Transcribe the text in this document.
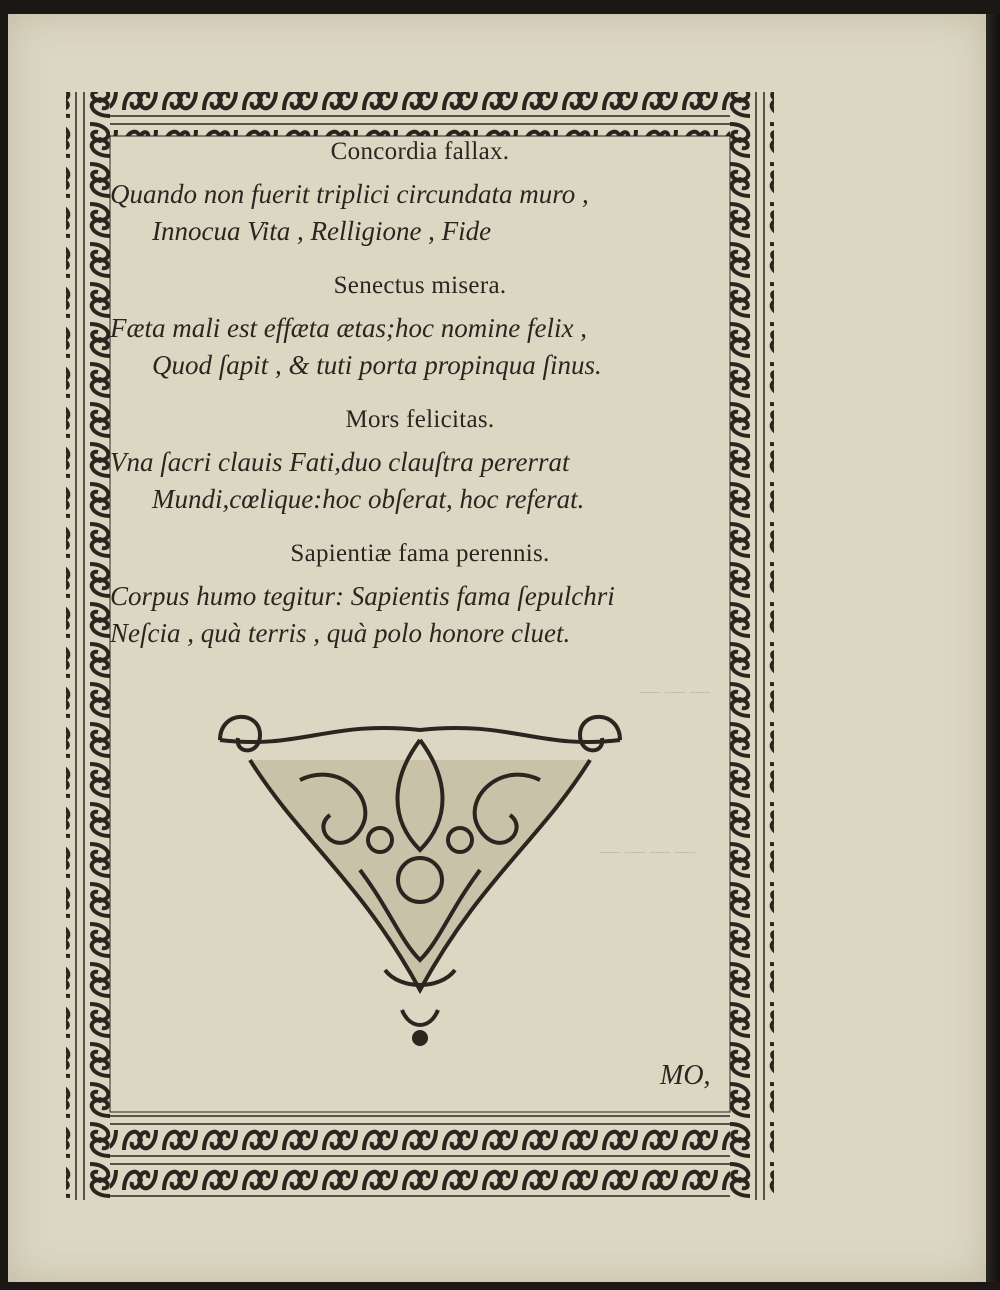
— — —
— — — —

Concordia fallax.

Quando non fuerit triplici circundata muro ,

Innocua Vita , Relligione , Fide

Senectus misera.

Fæta mali est effæta ætas;hoc nomine felix ,

Quod ſapit , & tuti porta propinqua ſinus.

Mors felicitas.

Vna ſacri clauis Fati,duo clauſtra pererrat

Mundi,cœlique:hoc obſerat, hoc referat.

Sapientiæ fama perennis.

Corpus humo tegitur: Sapientis fama ſepulchri

Neſcia , quà terris , quà polo honore cluet.

MO,
